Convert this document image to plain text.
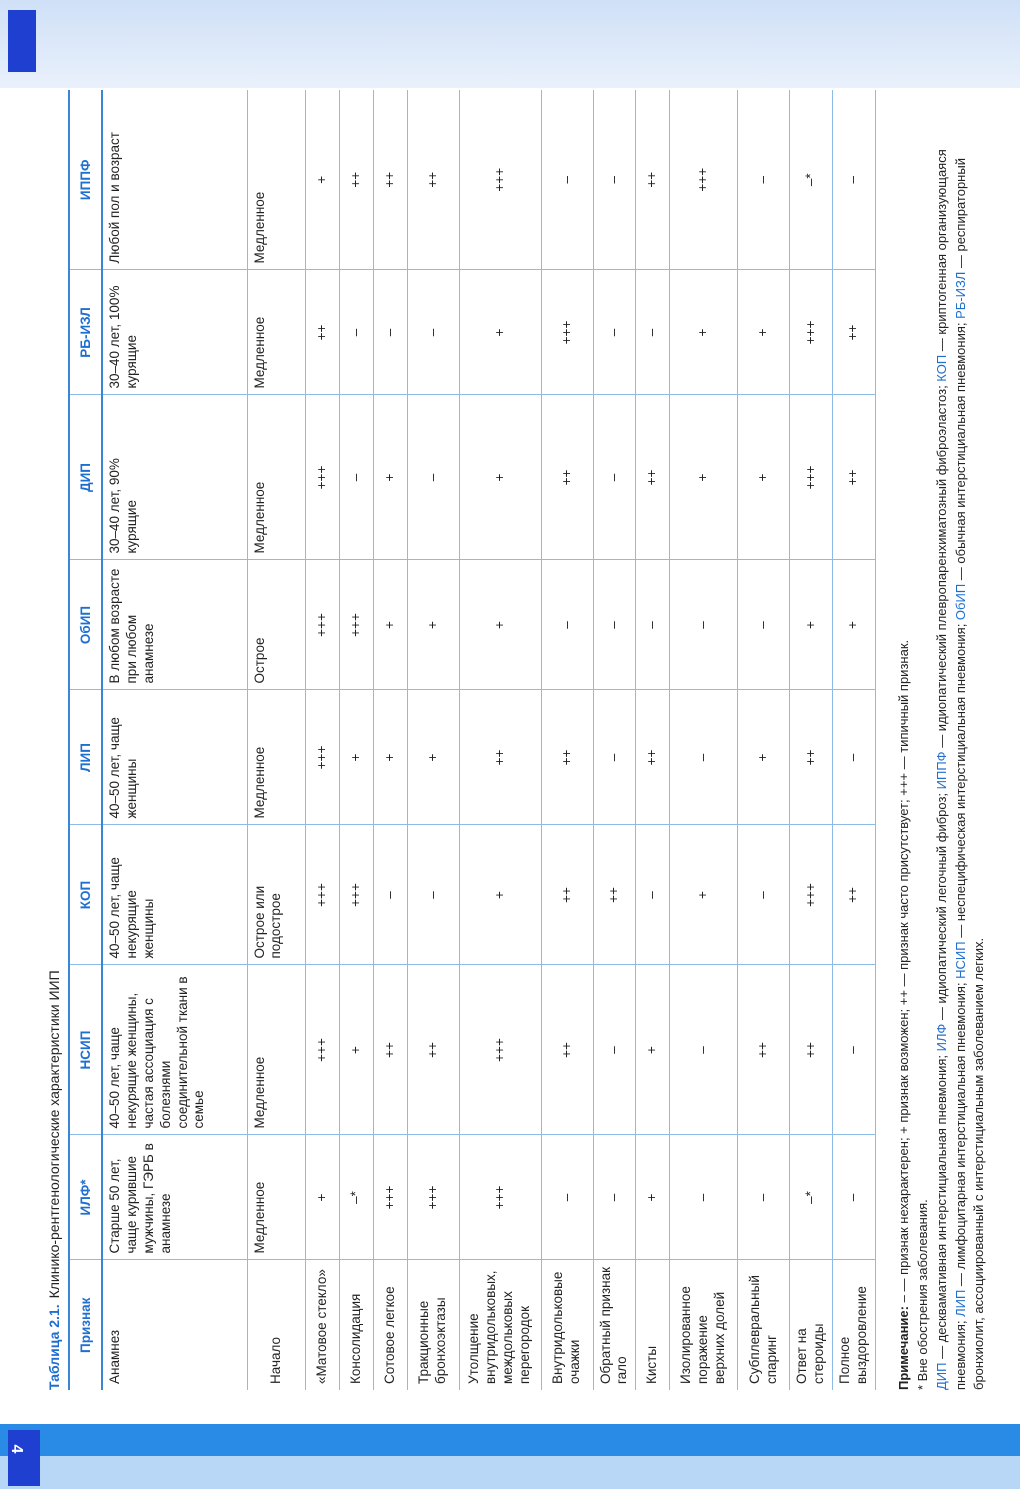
4
Таблица 2.1.Клинико-рентгенологические характеристики ИИП
Признак	ИЛФ*	НСИП	КОП	ЛИП	ОбИП	ДИП	РБ-ИЗЛ	ИППФ
Анамнез	Старше 50 лет, чаще курившие мужчины, ГЭРБ в анамнезе	40–50 лет, чаще некурящие женщины, частая ассоциация с болезнями соединительной ткани в семье	40–50 лет, чаще некурящие женщины	40–50 лет, чаще женщины	В любом возрасте при любом анамнезе	30–40 лет, 90% курящие	30–40 лет, 100% курящие	Любой пол и возраст
Начало	Медленное	Медленное	Острое или подострое	Медленное	Острое	Медленное	Медленное	Медленное
«Матовое стекло»	+	+++	+++	+++	+++	+++	++	+
Консолидация	–*	+	+++	+	+++	–	–	++
Сотовое легкое	+++	++	–	+	+	+	–	++
Тракционные бронхоэктазы	+++	++	–	+	+	–	–	++
Утолщение внутридольковых, междольковых перегородок	+++	+++	+	++	+	+	+	+++
Внутридольковые очажки	–	++	++	++	–	++	+++	–
Обратный признак гало	–	–	++	–	–	–	–	–
Кисты	+	+	–	++	–	++	–	++
Изолированное поражение верхних долей	–	–	+	–	–	+	+	+++
Субплевральный спаринг	–	++	–	+	–	+	+	–
Ответ на стероиды	–*	++	+++	++	+	+++	+++	–*
Полное выздоровление	–	–	++	–	+	++	++	–
Примечание: – — признак нехарактерен; + признак возможен; ++ — признак часто присутствует; +++ — типичный признак. * Вне обострения заболевания. ДИП — десквамативная интерстициальная пневмония; ИЛФ — идиопатический легочный фиброз; ИППФ — идиопатический плевропаренхиматозный фиброэластоз; КОП — криптогенная организующаяся пневмония; ЛИП — лимфоцитарная интерстициальная пневмония; НСИП — неспецифическая интерстициальная пневмония; ОбИП — обычная интерстициальная пневмония; РБ-ИЗЛ — респираторный бронхиолит, ассоциированный с интерстициальным заболеванием легких.
